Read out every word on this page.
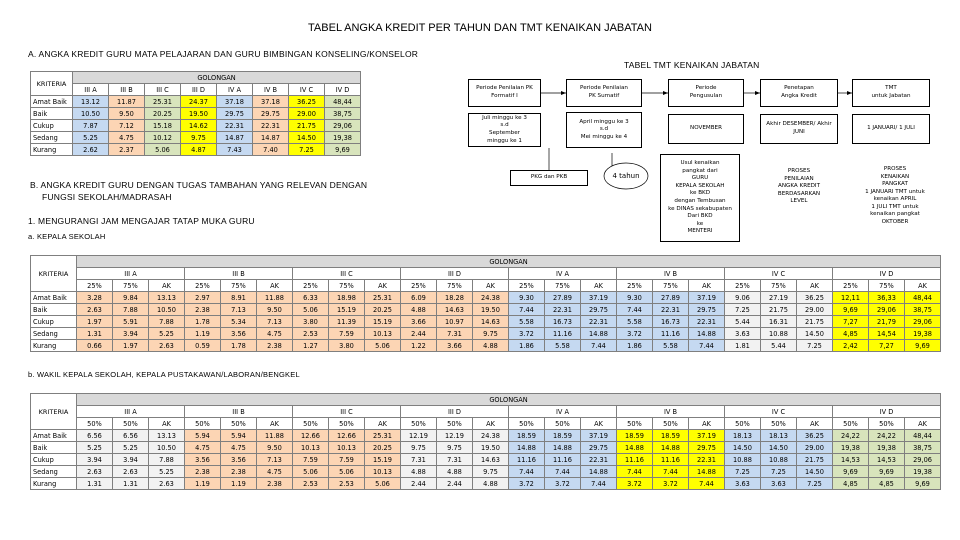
TABEL ANGKA KREDIT PER TAHUN DAN TMT KENAIKAN JABATAN
A. ANGKA KREDIT GURU MATA PELAJARAN DAN GURU BIMBINGAN KONSELING/KONSELOR
TABEL TMT KENAIKAN JABATAN
KRITERIA	GOLONGAN							
	III A	III B	III C	III D	IV A	IV B	IV C	IV D
Amat Baik	13.12	11.87	25.31	24.37	37.18	37.18	36.25	48,44
Baik	10.50	9.50	20.25	19.50	29.75	29.75	29.00	38,75
Cukup	7.87	7.12	15.18	14.62	22.31	22.31	21.75	29,06
Sedang	5.25	4.75	10.12	9.75	14.87	14.87	14.50	19,38
Kurang	2.62	2.37	5.06	4.87	7.43	7.40	7.25	9,69
Periode Penilaian PK
Formatif I
Juli minggu ke 3
s.d
September
minggu ke 1
Periode Penilaian
PK Sumatif
April minggu ke 3
s.d
Mei minggu ke 4
Periode
Pengusulan
NOVEMBER
Penetapan
Angka Kredit
Akhir DESEMBER/ Akhir
JUNI
TMT
untuk Jabatan
1 JANUARI/ 1 JULI
PKG dan PKB	4 tahun
Usul kenaikan
pangkat dari
GURU
KEPALA SEKOLAH
ke BKD
dengan Tembusan
ke DINAS sekabupaten
Dari BKD
ke
MENTERI
PROSES
PENILAIAN
ANGKA KREDIT
BERDASARKAN
LEVEL
PROSES
KENAIKAN
PANGKAT
1 JANUARI TMT untuk
kenaikan APRIL
1 JULI TMT untuk
kenaikan pangkat
OKTOBER
B. ANGKA KREDIT GURU DENGAN TUGAS TAMBAHAN YANG RELEVAN DENGAN
FUNGSI SEKOLAH/MADRASAH
1. MENGURANGI JAM MENGAJAR TATAP MUKA GURU
a. KEPALA SEKOLAH
KRITERIA	GOLONGAN																							
	III A			III B			III C			III D			IV A			IV B			IV C			IV D		
	25%	75%	AK	25%	75%	AK	25%	75%	AK	25%	75%	AK	25%	75%	AK	25%	75%	AK	25%	75%	AK	25%	75%	AK
Amat Baik	3.28	9.84	13.13	2.97	8.91	11.88	6.33	18.98	25.31	6.09	18.28	24.38	9.30	27.89	37.19	9.30	27.89	37.19	9.06	27.19	36.25	12,11	36,33	48,44
Baik	2.63	7.88	10.50	2.38	7.13	9.50	5.06	15.19	20.25	4.88	14.63	19.50	7.44	22.31	29.75	7.44	22.31	29.75	7.25	21.75	29.00	9,69	29,06	38,75
Cukup	1.97	5.91	7.88	1.78	5.34	7.13	3.80	11.39	15.19	3.66	10.97	14.63	5.58	16.73	22.31	5.58	16.73	22.31	5.44	16.31	21.75	7,27	21,79	29,06
Sedang	1.31	3.94	5.25	1.19	3.56	4.75	2.53	7.59	10.13	2.44	7.31	9.75	3.72	11.16	14.88	3.72	11.16	14.88	3.63	10.88	14.50	4,85	14,54	19,38
Kurang	0.66	1.97	2.63	0.59	1.78	2.38	1.27	3.80	5.06	1.22	3.66	4.88	1.86	5.58	7.44	1.86	5.58	7.44	1.81	5.44	7.25	2,42	7,27	9,69
b. WAKIL KEPALA SEKOLAH, KEPALA PUSTAKAWAN/LABORAN/BENGKEL
KRITERIA	GOLONGAN																							
	III A			III B			III C			III D			IV A			IV B			IV C			IV D		
	50%	50%	AK	50%	50%	AK	50%	50%	AK	50%	50%	AK	50%	50%	AK	50%	50%	AK	50%	50%	AK	50%	50%	AK
Amat Baik	6.56	6.56	13.13	5.94	5.94	11.88	12.66	12.66	25.31	12.19	12.19	24.38	18.59	18.59	37.19	18.59	18.59	37.19	18.13	18.13	36.25	24,22	24,22	48,44
Baik	5.25	5.25	10.50	4.75	4.75	9.50	10.13	10.13	20.25	9.75	9.75	19.50	14.88	14.88	29.75	14.88	14.88	29.75	14.50	14.50	29.00	19,38	19,38	38,75
Cukup	3.94	3.94	7.88	3.56	3.56	7.13	7.59	7.59	15.19	7.31	7.31	14.63	11.16	11.16	22.31	11.16	11.16	22.31	10.88	10.88	21.75	14,53	14,53	29,06
Sedang	2.63	2.63	5.25	2.38	2.38	4.75	5.06	5.06	10.13	4.88	4.88	9.75	7.44	7.44	14.88	7.44	7.44	14.88	7.25	7.25	14.50	9,69	9,69	19,38
Kurang	1.31	1.31	2.63	1.19	1.19	2.38	2.53	2.53	5.06	2.44	2.44	4.88	3.72	3.72	7.44	3.72	3.72	7.44	3.63	3.63	7.25	4,85	4,85	9,69
